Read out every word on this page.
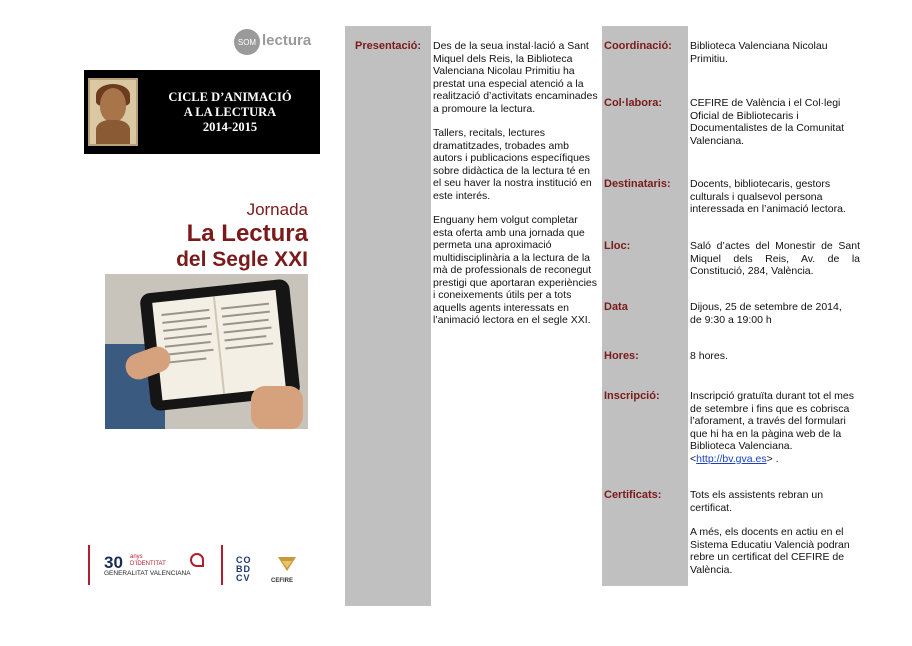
SOM lectura
CICLE D’ANIMACIÓ
A LA LECTURA
2014-2015
Jornada
La Lectura
del Segle XXI
30 anys
D’IDENTITAT
GENERALITAT VALENCIANA
CO BD CV	CEFIRE
Presentació: Des de la seua instal·lació a Sant Miquel dels Reis, la Biblioteca Valenciana Nicolau Primitiu ha prestat una especial atenció a la realització d’activitats encaminades a promoure la lectura.

Tallers, recitals, lectures dramatitzades, trobades amb autors i publicacions específiques sobre didàctica de la lectura té en el seu haver la nostra institució en este interés.

Enguany hem volgut completar esta oferta amb una jornada que permeta una aproximació multidisciplinària a la lectura de la mà de professionals de reconegut prestigi que aportaran experiències i coneixements útils per a tots aquells agents interessats en l’animació lectora en el segle XXI.

Coordinació: Biblioteca Valenciana Nicolau Primitiu.
Col·labora:	CEFIRE de València i el Col·legi Oficial de Bibliotecaris i Documentalistes de la Comunitat Valenciana.
Destinataris: Docents, bibliotecaris, gestors culturals i qualsevol persona interessada en l’animació lectora.
Lloc:	Saló d’actes del Monestir de Sant Miquel dels Reis, Av. de la Constitució, 284, València.
Data	Dijous, 25 de setembre de 2014,
de 9:30 a 19:00 h
Hores:	8 hores.
Inscripció:	Inscripció gratuïta durant tot el mes de setembre i fins que es cobrisca l’aforament, a través del formulari que hi ha en la pàgina web de la Biblioteca Valenciana.
<http://bv.gva.es> .
Certificats:	Tots els assistents rebran un certificat.

A més, els docents en actiu en el Sistema Educatiu Valencià podran rebre un certificat del CEFIRE de València.
